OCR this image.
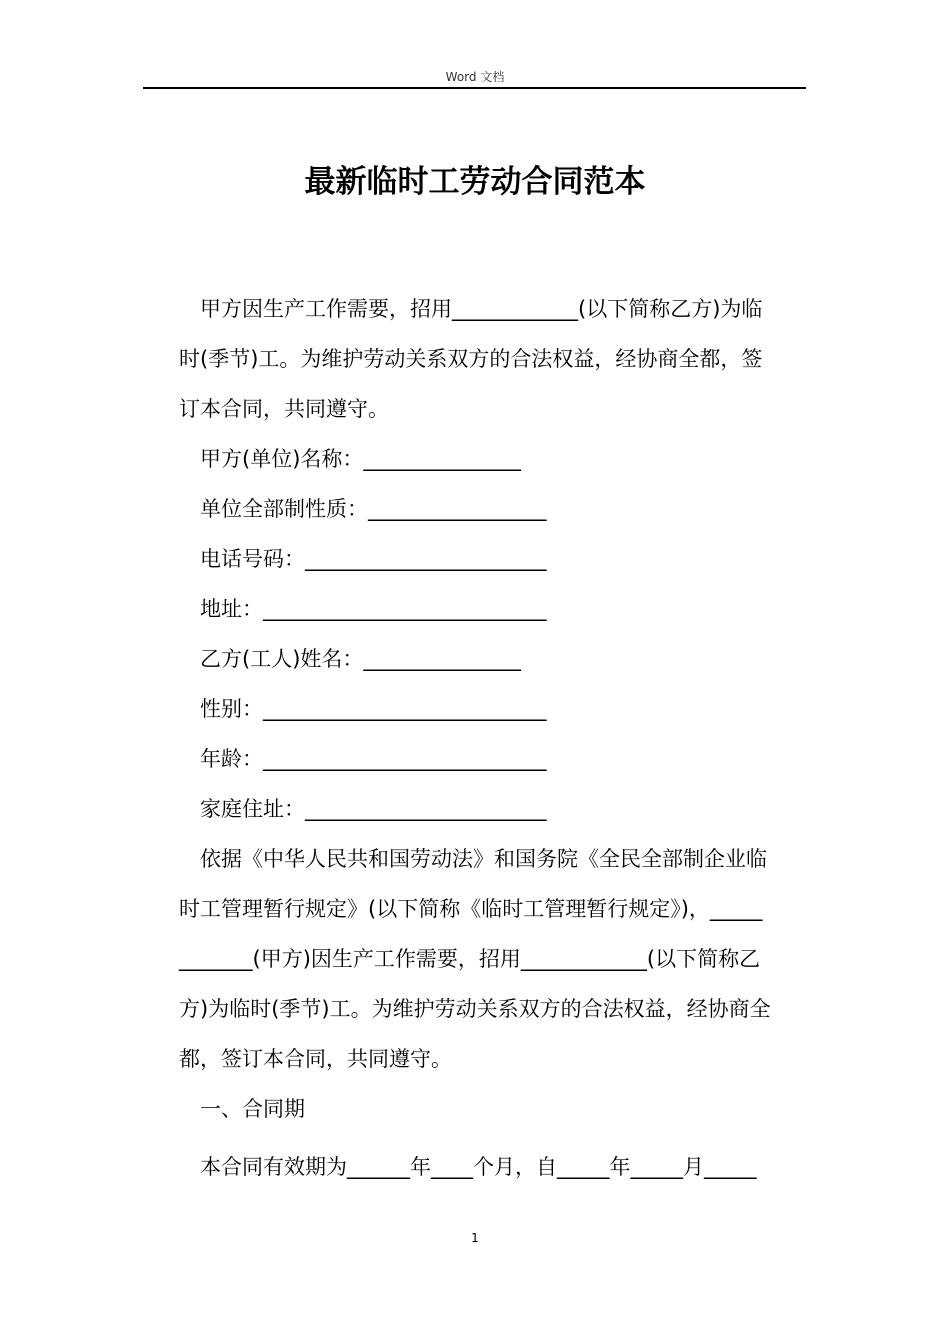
Word 文档
最新临时工劳动合同范本
甲方因生产工作需要，招用____________(以下简称乙方)为临
时(季节)工。为维护劳动关系双方的合法权益，经协商全都，签
订本合同，共同遵守。
甲方(单位)名称：_______________
单位全部制性质：_________________
电话号码：_______________________
地址：___________________________
乙方(工人)姓名：_______________
性别：___________________________
年龄：___________________________
家庭住址：_______________________
依据《中华人民共和国劳动法》和国务院《全民全部制企业临
时工管理暂行规定》(以下简称《临时工管理暂行规定》)，_____
_______(甲方)因生产工作需要，招用____________(以下简称乙
方)为临时(季节)工。为维护劳动关系双方的合法权益，经协商全
都，签订本合同，共同遵守。
一、合同期
本合同有效期为______年____个月，自_____年_____月_____
1
